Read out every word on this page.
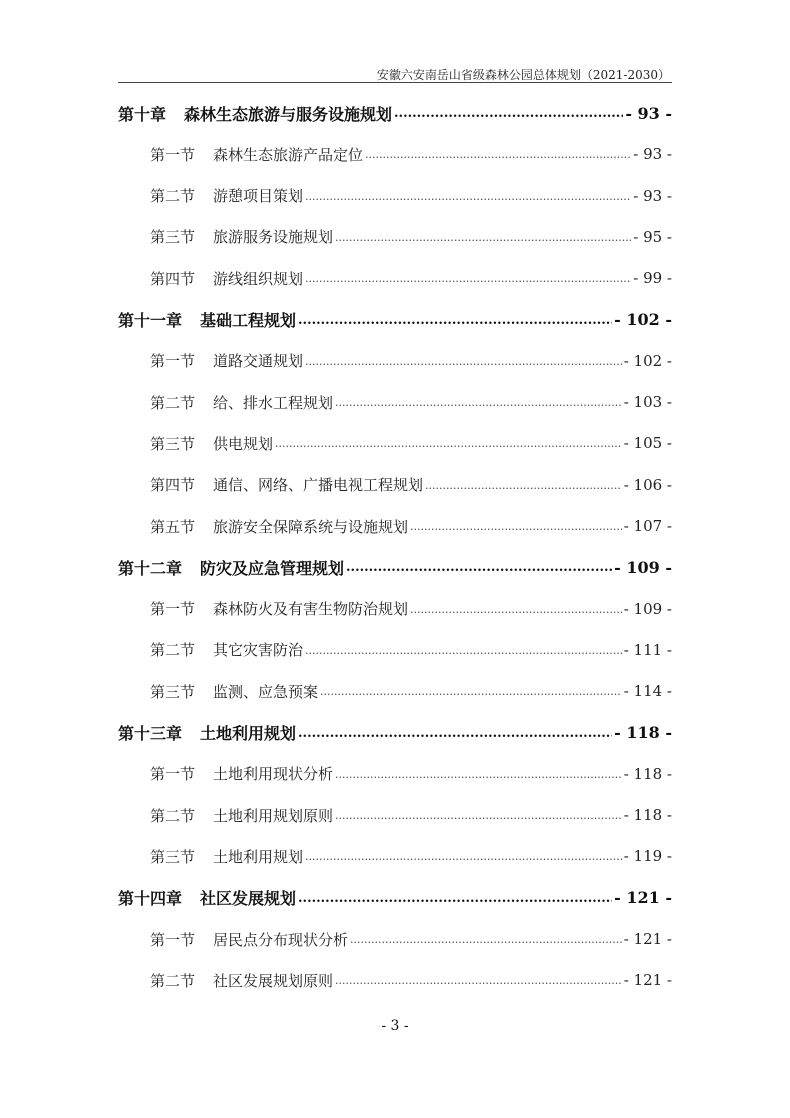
安徽六安南岳山省级森林公园总体规划（2021-2030）
第十章 森林生态旅游与服务设施规划 .....	- 93 -
第一节 森林生态旅游产品定位 .....	- 93 -
第二节 游憩项目策划 .....	- 93 -
第三节 旅游服务设施规划 .....	- 95 -
第四节 游线组织规划 .....	- 99 -
第十一章 基础工程规划 .....	- 102 -
第一节 道路交通规划 .....	- 102 -
第二节 给、排水工程规划 .....	- 103 -
第三节 供电规划 .....	- 105 -
第四节 通信、网络、广播电视工程规划 .....	- 106 -
第五节 旅游安全保障系统与设施规划 .....	- 107 -
第十二章 防灾及应急管理规划 .....	- 109 -
第一节 森林防火及有害生物防治规划 .....	- 109 -
第二节 其它灾害防治 .....	- 111 -
第三节 监测、应急预案 .....	- 114 -
第十三章 土地利用规划 .....	- 118 -
第一节 土地利用现状分析 .....	- 118 -
第二节 土地利用规划原则 .....	- 118 -
第三节 土地利用规划 .....	- 119 -
第十四章 社区发展规划 .....	- 121 -
第一节 居民点分布现状分析 .....	- 121 -
第二节 社区发展规划原则 .....	- 121 -
- 3 -
